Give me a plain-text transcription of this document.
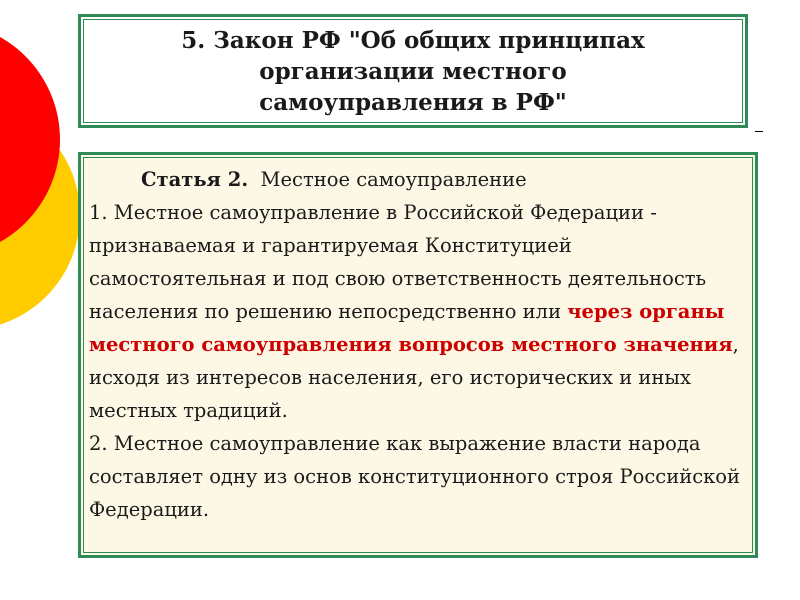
5. Закон РФ "Об общих принципах
организации местного
самоуправления в РФ"

Статья 2. Местное самоуправление
1. Местное самоуправление в Российской Федерации - признаваемая и гарантируемая Конституцией самостоятельная и под свою ответственность деятельность населения по решению непосредственно или через органы местного самоуправления вопросов местного значения, исходя из интересов населения, его исторических и иных местных традиций.
2. Местное самоуправление как выражение власти народа составляет одну из основ конституционного строя Российской Федерации.
